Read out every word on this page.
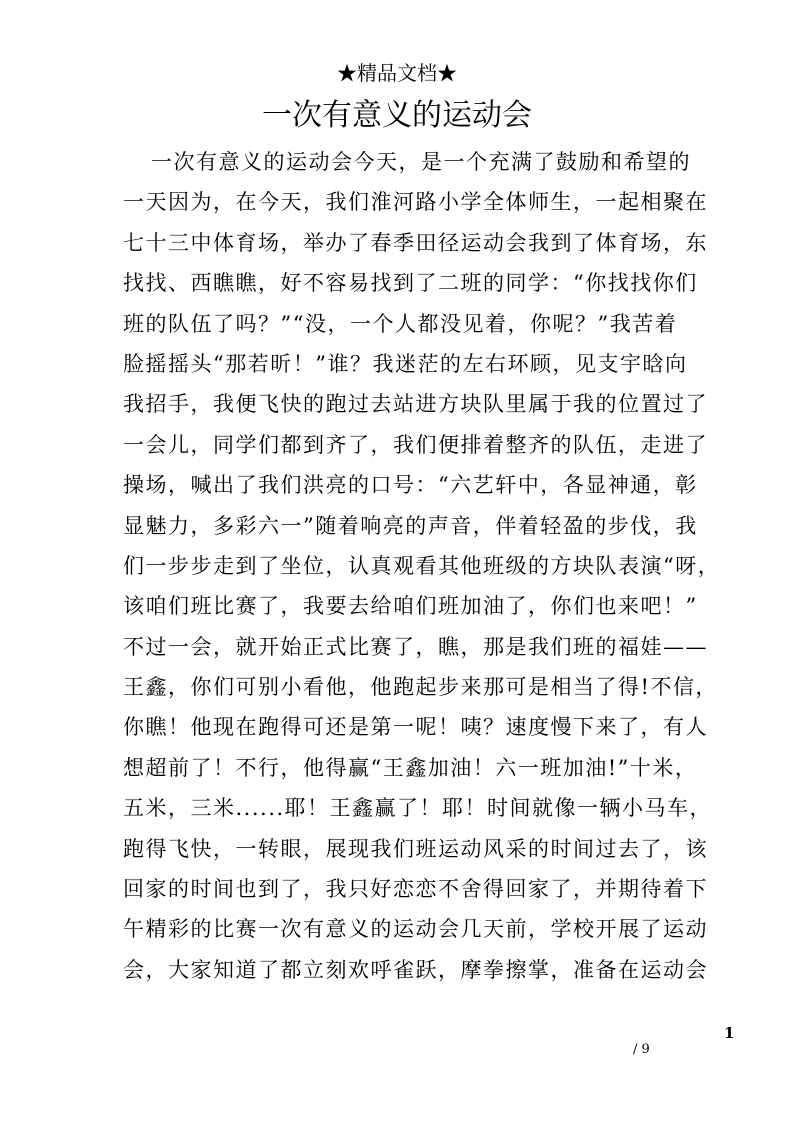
★精品文档★
一次有意义的运动会
一次有意义的运动会今天，是一个充满了鼓励和希望的
一天因为，在今天，我们淮河路小学全体师生，一起相聚在
七十三中体育场，举办了春季田径运动会我到了体育场，东
找找、西瞧瞧，好不容易找到了二班的同学：“你找找你们
班的队伍了吗？”“没，一个人都没见着，你呢？”我苦着
脸摇摇头“那若昕！”谁？我迷茫的左右环顾，见支宇晗向
我招手，我便飞快的跑过去站进方块队里属于我的位置过了
一会儿，同学们都到齐了，我们便排着整齐的队伍，走进了
操场，喊出了我们洪亮的口号：“六艺轩中，各显神通，彰
显魅力，多彩六一”随着响亮的声音，伴着轻盈的步伐，我
们一步步走到了坐位，认真观看其他班级的方块队表演“呀，
该咱们班比赛了，我要去给咱们班加油了，你们也来吧！”
不过一会，就开始正式比赛了，瞧，那是我们班的福娃——
王鑫，你们可别小看他，他跑起步来那可是相当了得!不信，
你瞧！他现在跑得可还是第一呢！咦？速度慢下来了，有人
想超前了！不行，他得赢“王鑫加油！六一班加油!”十米，
五米，三米......耶！王鑫赢了！耶！时间就像一辆小马车，
跑得飞快，一转眼，展现我们班运动风采的时间过去了，该
回家的时间也到了，我只好恋恋不舍得回家了，并期待着下
午精彩的比赛一次有意义的运动会几天前，学校开展了运动
会，大家知道了都立刻欢呼雀跃，摩拳擦掌，准备在运动会
1
/ 9
